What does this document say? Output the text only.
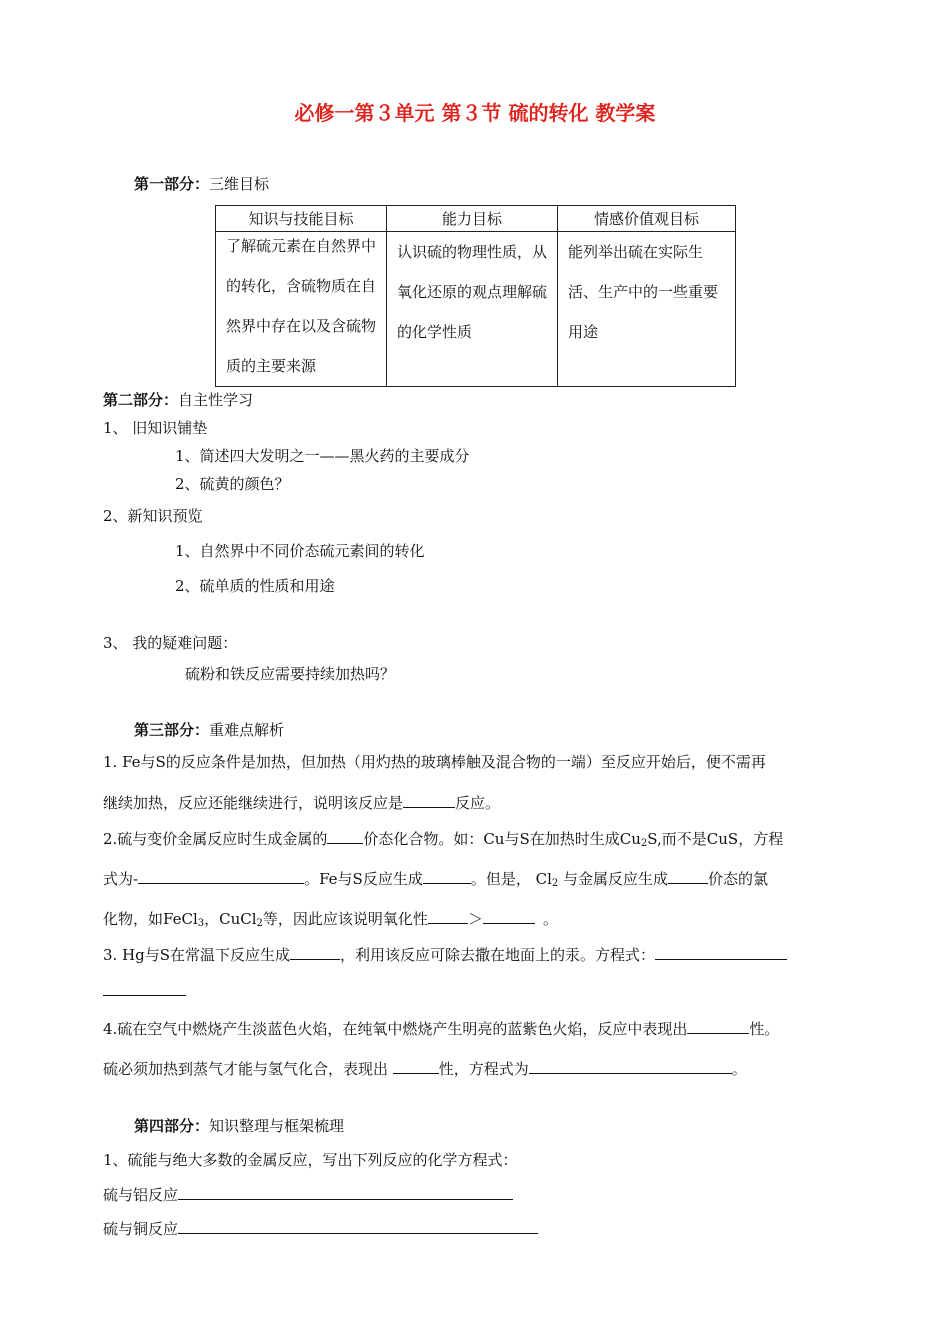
必修一第３单元 第３节 硫的转化 教学案
第一部分：三维目标
知识与技能目标	能力目标	情感价值观目标

了解硫元素在自然界中的转化，含硫物质在自然界中存在以及含硫物质的主要来源	认识硫的物理性质，从氧化还原的观点理解硫的化学性质	能列举出硫在实际生活、生产中的一些重要用途
第二部分：自主性学习
1、 旧知识铺垫
1、简述四大发明之一——黑火药的主要成分
2、硫黄的颜色？
2、新知识预览
1、自然界中不同价态硫元素间的转化
2、硫单质的性质和用途
3、 我的疑难问题：
硫粉和铁反应需要持续加热吗？
第三部分：重难点解析
1. Fe与S的反应条件是加热，但加热（用灼热的玻璃棒触及混合物的一端）至反应开始后，便不需再
继续加热，反应还能继续进行，说明该反应是	反应。
2.硫与变价金属反应时生成金属的 价态化合物。如：Cu与S在加热时生成$Cu_2S$,而不是CuS，方程
式为-	。Fe与S反应生成	。但是， $Cl_2$ 与金属反应生成	价态的氯
化物，如FeCl$_3$，CuCl$_2$等，因此应该说明氧化性	＞	。
3. Hg与S在常温下反应生成	，利用该反应可除去撒在地面上的汞。方程式：
4.硫在空气中燃烧产生淡蓝色火焰，在纯氧中燃烧产生明亮的蓝紫色火焰，反应中表现出	性。
硫必须加热到蒸气才能与氢气化合，表现出	性，方程式为	。
第四部分：知识整理与框架梳理
1、硫能与绝大多数的金属反应，写出下列反应的化学方程式：
硫与铝反应
硫与铜反应
